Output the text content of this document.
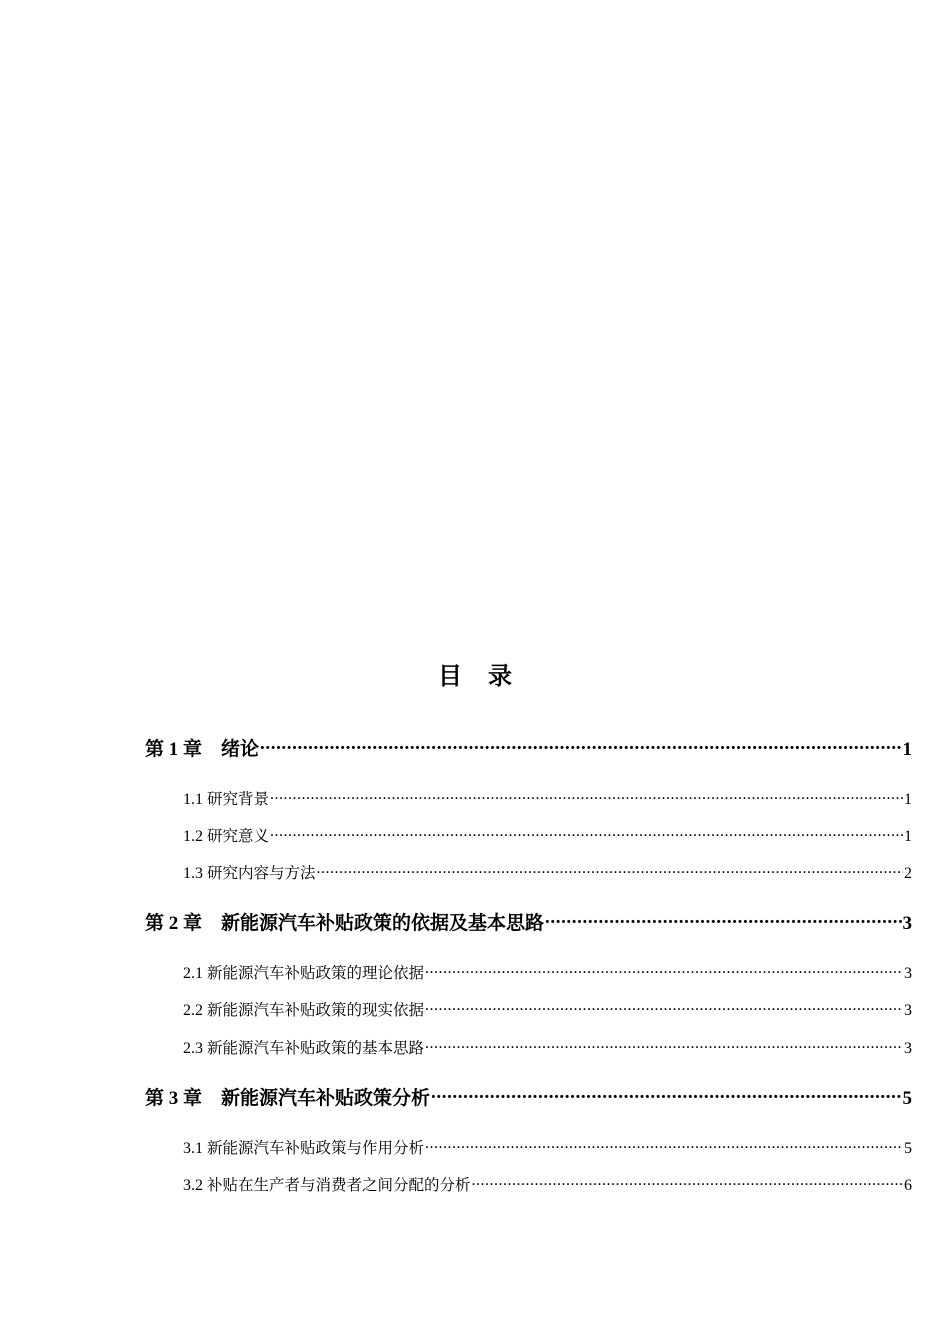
目 录
第 1 章 绪论 .....	1
1.1 研究背景 .....	1
1.2 研究意义 .....	1
1.3 研究内容与方法 .....	2
第 2 章 新能源汽车补贴政策的依据及基本思路 .....	3
2.1 新能源汽车补贴政策的理论依据 .....	3
2.2 新能源汽车补贴政策的现实依据 .....	3
2.3 新能源汽车补贴政策的基本思路 .....	3
第 3 章 新能源汽车补贴政策分析 .....	5
3.1 新能源汽车补贴政策与作用分析 .....	5
3.2 补贴在生产者与消费者之间分配的分析 .....	6
